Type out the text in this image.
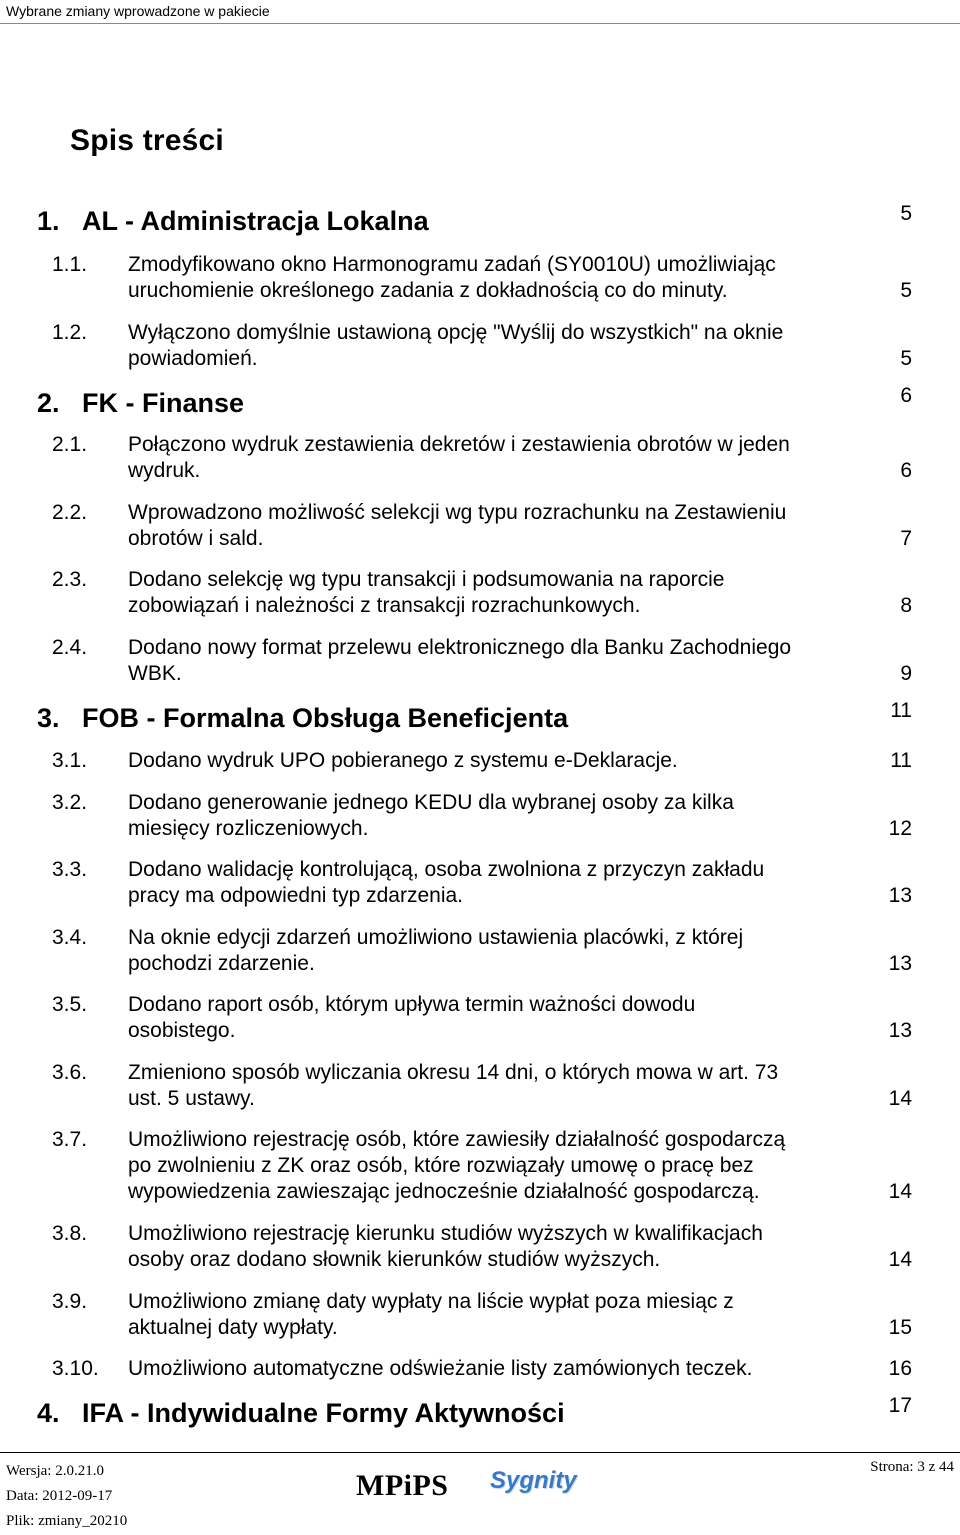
Wybrane zmiany wprowadzone w pakiecie
Spis treści
1. AL - Administracja Lokalna	5
1.1. Zmodyfikowano okno Harmonogramu zadań (SY0010U) umożliwiając
uruchomienie określonego zadania z dokładnością co do minuty.	5
1.2. Wyłączono domyślnie ustawioną opcję "Wyślij do wszystkich" na oknie
powiadomień.	5
2. FK - Finanse	6
2.1. Połączono wydruk zestawienia dekretów i zestawienia obrotów w jeden
wydruk.	6
2.2. Wprowadzono możliwość selekcji wg typu rozrachunku na Zestawieniu
obrotów i sald.	7
2.3. Dodano selekcję wg typu transakcji i podsumowania na raporcie
zobowiązań i należności z transakcji rozrachunkowych.	8
2.4. Dodano nowy format przelewu elektronicznego dla Banku Zachodniego
WBK.	9
3. FOB - Formalna Obsługa Beneficjenta	11
3.1. Dodano wydruk UPO pobieranego z systemu e-Deklaracje.	11
3.2. Dodano generowanie jednego KEDU dla wybranej osoby za kilka
miesięcy rozliczeniowych.	12
3.3. Dodano walidację kontrolującą, osoba zwolniona z przyczyn zakładu
pracy ma odpowiedni typ zdarzenia.	13
3.4. Na oknie edycji zdarzeń umożliwiono ustawienia placówki, z której
pochodzi zdarzenie.	13
3.5. Dodano raport osób, którym upływa termin ważności dowodu
osobistego.	13
3.6. Zmieniono sposób wyliczania okresu 14 dni, o których mowa w art. 73
ust. 5 ustawy.	14
3.7. Umożliwiono rejestrację osób, które zawiesiły działalność gospodarczą
po zwolnieniu z ZK oraz osób, które rozwiązały umowę o pracę bez
wypowiedzenia zawieszając jednocześnie działalność gospodarczą.	14
3.8. Umożliwiono rejestrację kierunku studiów wyższych w kwalifikacjach
osoby oraz dodano słownik kierunków studiów wyższych.	14
3.9. Umożliwiono zmianę daty wypłaty na liście wypłat poza miesiąc z
aktualnej daty wypłaty.	15
3.10. Umożliwiono automatyczne odświeżanie listy zamówionych teczek.	16
4. IFA - Indywidualne Formy Aktywności	17
Wersja: 2.0.21.0
Data: 2012-09-17
Plik: zmiany_20210
MPiPS Sygnity	Strona: 3 z 44
